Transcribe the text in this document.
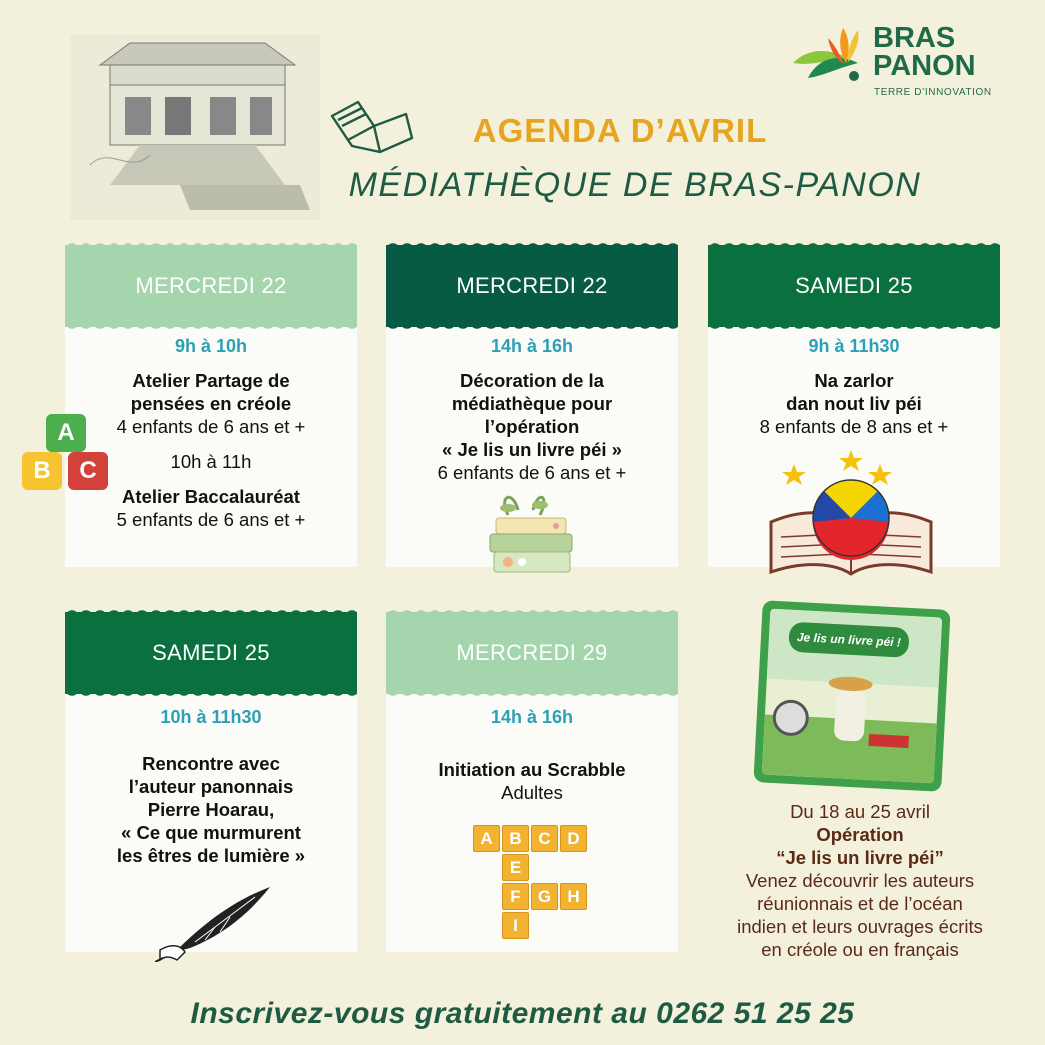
AGENDA D’AVRIL
MÉDIATHÈQUE DE BRAS-PANON
BRAS
PANON
TERRE D’INNOVATION
MERCREDI 22
9h à 10h
Atelier Partage de
pensées en créole
4 enfants de 6 ans et +
10h à 11h
Atelier Baccalauréat
5 enfants de 6 ans et +
A
B	C
MERCREDI 22
14h à 16h
Décoration de la
médiathèque pour
l’opération
« Je lis un livre péi »
6 enfants de 6 ans et +
SAMEDI 25
9h à 11h30
Na zarlor
dan nout liv péi
8 enfants de 8 ans et +
SAMEDI 25
10h à 11h30
Rencontre avec
l’auteur panonnais
Pierre Hoarau,
« Ce que murmurent
les êtres de lumière »
MERCREDI 29
14h à 16h
Initiation au Scrabble
Adultes
A B C D
E
F	G H
I
Je lis un livre péi !
Du 18 au 25 avril
Opération
“Je lis un livre péi”
Venez découvrir les auteurs
réunionnais et de l’océan
indien et leurs ouvrages écrits
en créole ou en français
Inscrivez-vous gratuitement au 0262 51 25 25
